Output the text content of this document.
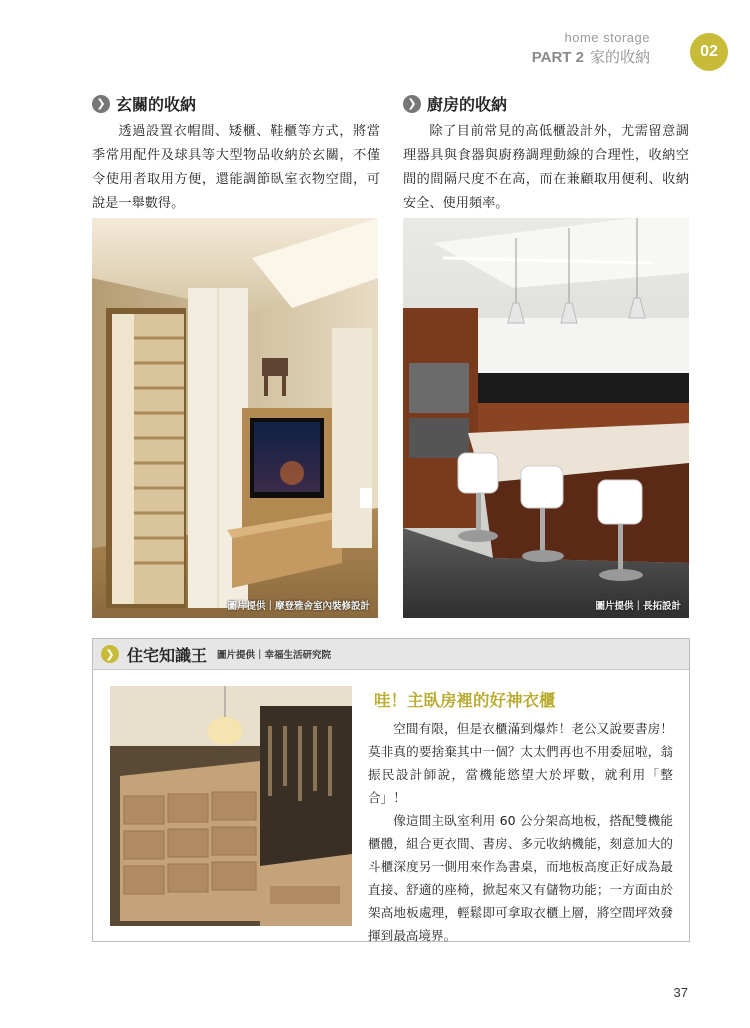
home storage
PART 2 家的收納	02
❯ 玄關的收納
透過設置衣帽間、矮櫃、鞋櫃等方式，將當季常用配件及球具等大型物品收納於玄關，不僅令使用者取用方便，還能調節臥室衣物空間，可說是一舉數得。
圖片提供｜摩登雅舍室內裝修設計
❯ 廚房的收納
除了目前常見的高低櫃設計外，尤需留意調理器具與食器與廚務調理動線的合理性，收納空間的間隔尺度不在高，而在兼顧取用便利、收納安全、使用頻率。
圖片提供｜長拓設計
❯ 住宅知識王 圖片提供｜幸福生活研究院
哇！主臥房裡的好神衣櫃

空間有限，但是衣櫃滿到爆炸！老公又說要書房！莫非真的要捨棄其中一個？太太們再也不用委屈啦，翁振民設計師說，當機能慾望大於坪數，就利用「整合」！

像這間主臥室利用 60 公分架高地板，搭配雙機能櫃體，組合更衣間、書房、多元收納機能，刻意加大的斗櫃深度另一側用來作為書桌，而地板高度正好成為最直接、舒適的座椅，掀起來又有儲物功能；一方面由於架高地板處理，輕鬆即可拿取衣櫃上層，將空間坪效發揮到最高境界。

37
